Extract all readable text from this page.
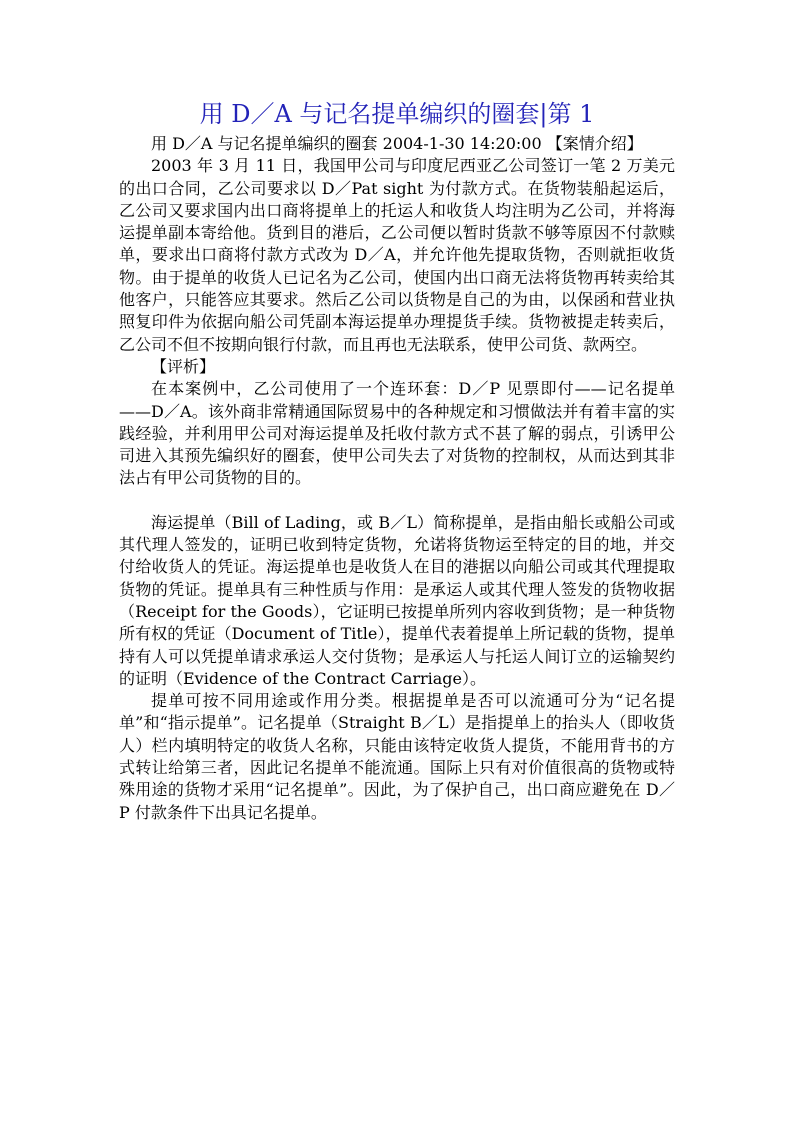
用 D／A 与记名提单编织的圈套|第 1

用 D／A 与记名提单编织的圈套 2004-1-30 14:20:00 【案情介绍】

2003 年 3 月 11 日，我国甲公司与印度尼西亚乙公司签订一笔 2 万美元的出口合同，乙公司要求以 D／Pat sight 为付款方式。在货物装船起运后，乙公司又要求国内出口商将提单上的托运人和收货人均注明为乙公司，并将海运提单副本寄给他。货到目的港后，乙公司便以暂时货款不够等原因不付款赎单，要求出口商将付款方式改为 D／A，并允许他先提取货物，否则就拒收货物。由于提单的收货人已记名为乙公司，使国内出口商无法将货物再转卖给其他客户，只能答应其要求。然后乙公司以货物是自己的为由，以保函和营业执照复印件为依据向船公司凭副本海运提单办理提货手续。货物被提走转卖后，乙公司不但不按期向银行付款，而且再也无法联系，使甲公司货、款两空。

【评析】

在本案例中，乙公司使用了一个连环套：D／P 见票即付——记名提单——D／A。该外商非常精通国际贸易中的各种规定和习惯做法并有着丰富的实践经验，并利用甲公司对海运提单及托收付款方式不甚了解的弱点，引诱甲公司进入其预先编织好的圈套，使甲公司失去了对货物的控制权，从而达到其非法占有甲公司货物的目的。

海运提单（Bill of Lading，或 B／L）简称提单，是指由船长或船公司或其代理人签发的，证明已收到特定货物，允诺将货物运至特定的目的地，并交付给收货人的凭证。海运提单也是收货人在目的港据以向船公司或其代理提取货物的凭证。提单具有三种性质与作用：是承运人或其代理人签发的货物收据（Receipt for the Goods），它证明已按提单所列内容收到货物；是一种货物所有权的凭证（Document of Title），提单代表着提单上所记载的货物，提单持有人可以凭提单请求承运人交付货物；是承运人与托运人间订立的运输契约的证明（Evidence of the Contract Carriage）。

提单可按不同用途或作用分类。根据提单是否可以流通可分为“记名提单”和“指示提单”。记名提单（Straight B／L）是指提单上的抬头人（即收货人）栏内填明特定的收货人名称，只能由该特定收货人提货，不能用背书的方式转让给第三者，因此记名提单不能流通。国际上只有对价值很高的货物或特殊用途的货物才采用“记名提单”。因此，为了保护自己，出口商应避免在 D／P 付款条件下出具记名提单。
